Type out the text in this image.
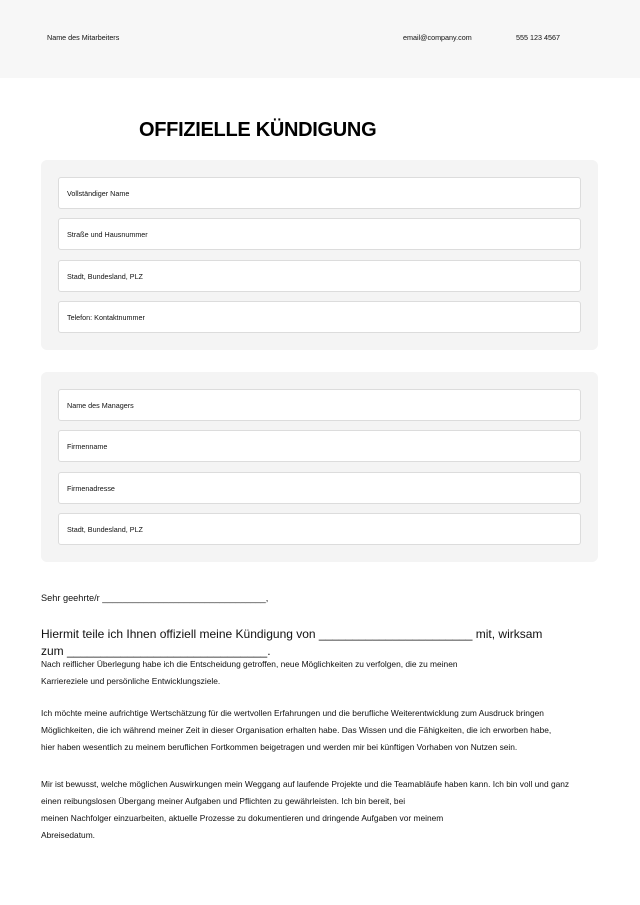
Name des Mitarbeiters	email@company.com	555 123 4567
OFFIZIELLE KÜNDIGUNG
Vollständiger Name
Straße und Hausnummer
Stadt, Bundesland, PLZ
Telefon: Kontaktnummer
Name des Managers
Firmenname
Firmenadresse
Stadt, Bundesland, PLZ
Sehr geehrte/r ________________________________,
Hiermit teile ich Ihnen offiziell meine Kündigung von _______________________ mit, wirksam zum ______________________________.
Nach reiflicher Überlegung habe ich die Entscheidung getroffen, neue Möglichkeiten zu verfolgen, die zu meinen
Karriereziele und persönliche Entwicklungsziele.
Ich möchte meine aufrichtige Wertschätzung für die wertvollen Erfahrungen und die berufliche Weiterentwicklung zum Ausdruck bringen
Möglichkeiten, die ich während meiner Zeit in dieser Organisation erhalten habe. Das Wissen und die Fähigkeiten, die ich erworben habe,
hier haben wesentlich zu meinem beruflichen Fortkommen beigetragen und werden mir bei künftigen Vorhaben von Nutzen sein.
Mir ist bewusst, welche möglichen Auswirkungen mein Weggang auf laufende Projekte und die Teamabläufe haben kann. Ich bin voll und ganz
einen reibungslosen Übergang meiner Aufgaben und Pflichten zu gewährleisten. Ich bin bereit, bei
meinen Nachfolger einzuarbeiten, aktuelle Prozesse zu dokumentieren und dringende Aufgaben vor meinem
Abreisedatum.
